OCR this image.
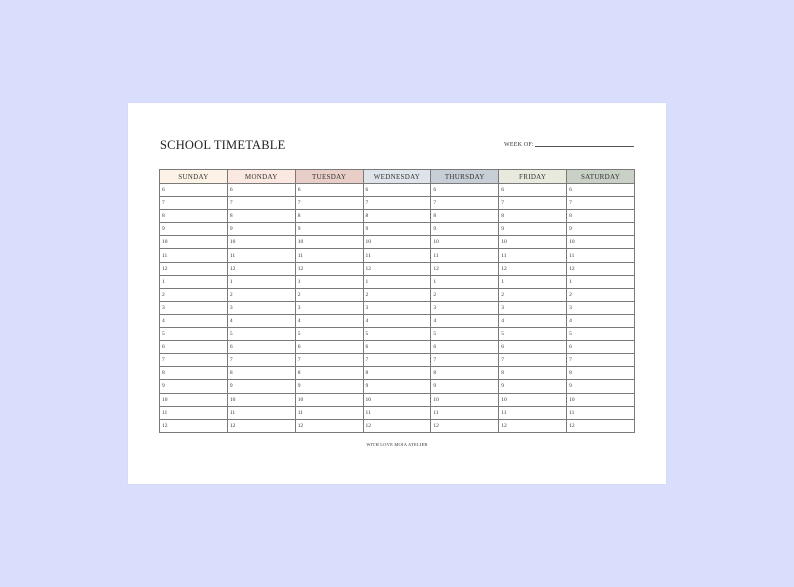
SCHOOL TIMETABLE	WEEK OF:
SUNDAY	MONDAY	TUESDAY	WEDNESDAY	THURSDAY	FRIDAY	SATURDAY
6	6	6	6	6	6	6
7	7	7	7	7	7	7
8	8	8	8	8	8	8
9	9	9	9	9	9	9
10	10	10	10	10	10	10
11	11	11	11	11	11	11
12	12	12	12	12	12	12
1	1	1	1	1	1	1
2	2	2	2	2	2	2
3	3	3	3	3	3	3
4	4	4	4	4	4	4
5	5	5	5	5	5	5
6	6	6	6	6	6	6
7	7	7	7	7	7	7
8	8	8	8	8	8	8
9	9	9	9	9	9	9
10	10	10	10	10	10	10
11	11	11	11	11	11	11
12	12	12	12	12	12	12
WITH LOVE MOIA ATELIER
